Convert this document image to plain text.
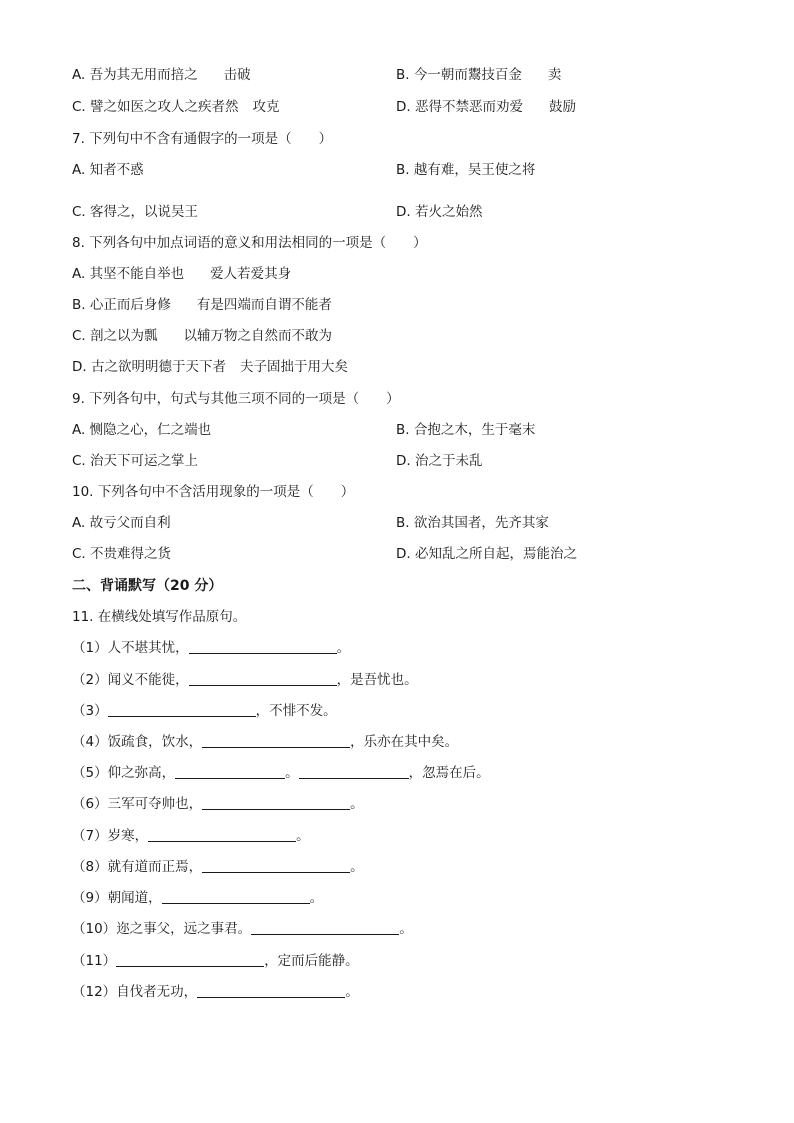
A. 吾为其无用而掊之 击破	B. 今一朝而鬻技百金 卖
C. 譬之如医之攻人之疾者然 攻克	D. 恶得不禁恶而劝爱 鼓励
7. 下列句中不含有通假字的一项是（　　）
A. 知者不惑	B. 越有难，吴王使之将
C. 客得之，以说吴王	D. 若火之始然
8. 下列各句中加点词语的意义和用法相同的一项是（　　）
A. 其坚不能自举也 爱人若爱其身
B. 心正而后身修 有是四端而自谓不能者
C. 剖之以为瓢 以辅万物之自然而不敢为
D. 古之欲明明德于天下者 夫子固拙于用大矣
9. 下列各句中，句式与其他三项不同的一项是（　　）
A. 恻隐之心，仁之端也	B. 合抱之木，生于毫末
C. 治天下可运之掌上	D. 治之于未乱
10. 下列各句中不含活用现象的一项是（　　）
A. 故亏父而自利	B. 欲治其国者，先齐其家
C. 不贵难得之货	D. 必知乱之所自起，焉能治之
二、背诵默写（20 分）
11. 在横线处填写作品原句。
（1）人不堪其忧，	。
（2）闻义不能徙，	，是吾忧也。
（3）	，不悱不发。
（4）饭疏食，饮水，	，乐亦在其中矣。
（5）仰之弥高，	。	，忽焉在后。
（6）三军可夺帅也，	。
（7）岁寒，	。
（8）就有道而正焉，	。
（9）朝闻道，	。
（10）迩之事父，远之事君。	。
（11）	，定而后能静。
（12）自伐者无功，	。
